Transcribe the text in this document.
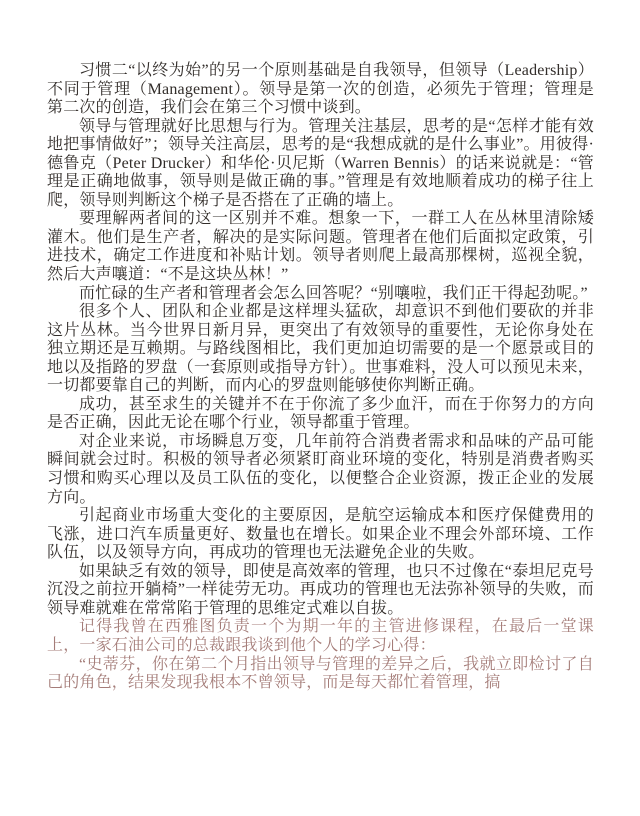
习惯二“以终为始”的另一个原则基础是自我领导，但领导（Leadership）不同于管理（Management）。领导是第一次的创造，必须先于管理；管理是第二次的创造，我们会在第三个习惯中谈到。

领导与管理就好比思想与行为。管理关注基层，思考的是“怎样才能有效地把事情做好”；领导关注高层，思考的是“我想成就的是什么事业”。用彼得·德鲁克（Peter Drucker）和华伦·贝尼斯（Warren Bennis）的话来说就是：“管理是正确地做事，领导则是做正确的事。”管理是有效地顺着成功的梯子往上爬，领导则判断这个梯子是否搭在了正确的墙上。

要理解两者间的这一区别并不难。想象一下，一群工人在丛林里清除矮灌木。他们是生产者，解决的是实际问题。管理者在他们后面拟定政策，引进技术，确定工作进度和补贴计划。领导者则爬上最高那棵树，巡视全貌，然后大声嚷道：“不是这块丛林！”

而忙碌的生产者和管理者会怎么回答呢？“别嚷啦，我们正干得起劲呢。”

很多个人、团队和企业都是这样埋头猛砍，却意识不到他们要砍的并非这片丛林。当今世界日新月异，更突出了有效领导的重要性，无论你身处在独立期还是互赖期。与路线图相比，我们更加迫切需要的是一个愿景或目的地以及指路的罗盘（一套原则或指导方针）。世事难料，没人可以预见未来，一切都要靠自己的判断，而内心的罗盘则能够使你判断正确。

成功，甚至求生的关键并不在于你流了多少血汗，而在于你努力的方向是否正确，因此无论在哪个行业，领导都重于管理。

对企业来说，市场瞬息万变，几年前符合消费者需求和品味的产品可能瞬间就会过时。积极的领导者必须紧盯商业环境的变化，特别是消费者购买习惯和购买心理以及员工队伍的变化，以便整合企业资源，拨正企业的发展方向。

引起商业市场重大变化的主要原因，是航空运输成本和医疗保健费用的飞涨，进口汽车质量更好、数量也在增长。如果企业不理会外部环境、工作队伍，以及领导方向，再成功的管理也无法避免企业的失败。

如果缺乏有效的领导，即使是高效率的管理，也只不过像在“泰坦尼克号沉没之前拉开躺椅”一样徒劳无功。再成功的管理也无法弥补领导的失败，而领导难就难在常常陷于管理的思维定式难以自拔。

记得我曾在西雅图负责一个为期一年的主管进修课程，在最后一堂课上，一家石油公司的总裁跟我谈到他个人的学习心得：

“史蒂芬，你在第二个月指出领导与管理的差异之后，我就立即检讨了自己的角色，结果发现我根本不曾领导，而是每天都忙着管理，搞
